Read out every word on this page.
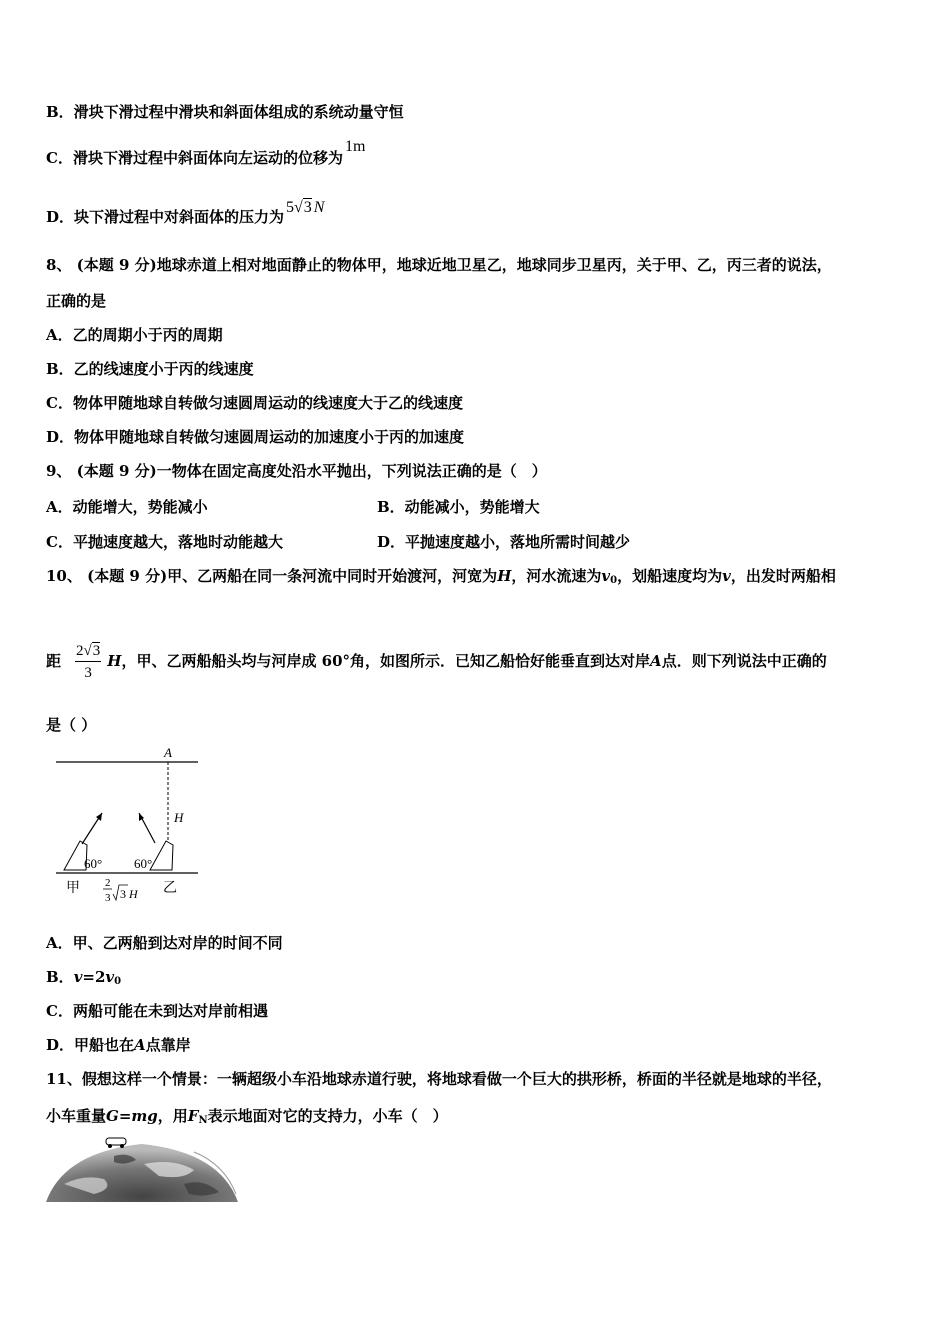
B．滑块下滑过程中滑块和斜面体组成的系统动量守恒
C．滑块下滑过程中斜面体向左运动的位移为1m
D．块下滑过程中对斜面体的压力为5√3 N
8、 (本题 9 分)地球赤道上相对地面静止的物体甲，地球近地卫星乙，地球同步卫星丙，关于甲、乙，丙三者的说法，
正确的是
A．乙的周期小于丙的周期
B．乙的线速度小于丙的线速度
C．物体甲随地球自转做匀速圆周运动的线速度大于乙的线速度
D．物体甲随地球自转做匀速圆周运动的加速度小于丙的加速度
9、 (本题 9 分)一物体在固定高度处沿水平抛出，下列说法正确的是（　）
A．动能增大，势能减小	B．动能减小，势能增大
C．平抛速度越大，落地时动能越大	D．平抛速度越小，落地所需时间越少
10、 (本题 9 分)甲、乙两船在同一条河流中同时开始渡河，河宽为H，河水流速为$v_0$，划船速度均为v，出发时两船相
距 $\frac{2√3}{3}$ H，甲、乙两船船头均与河岸成 60°角，如图所示．已知乙船恰好能垂直到达对岸A点．则下列说法中正确的
是（ ）
A
H
60° 60°
甲	乙
2
3 3 H
A．甲、乙两船到达对岸的时间不同
B．$v=2v_0$
C．两船可能在未到达对岸前相遇
D．甲船也在A点靠岸
11、假想这样一个情景：一辆超级小车沿地球赤道行驶，将地球看做一个巨大的拱形桥，桥面的半径就是地球的半径，
小车重量G=mg，用$F_N$表示地面对它的支持力，小车（　）
